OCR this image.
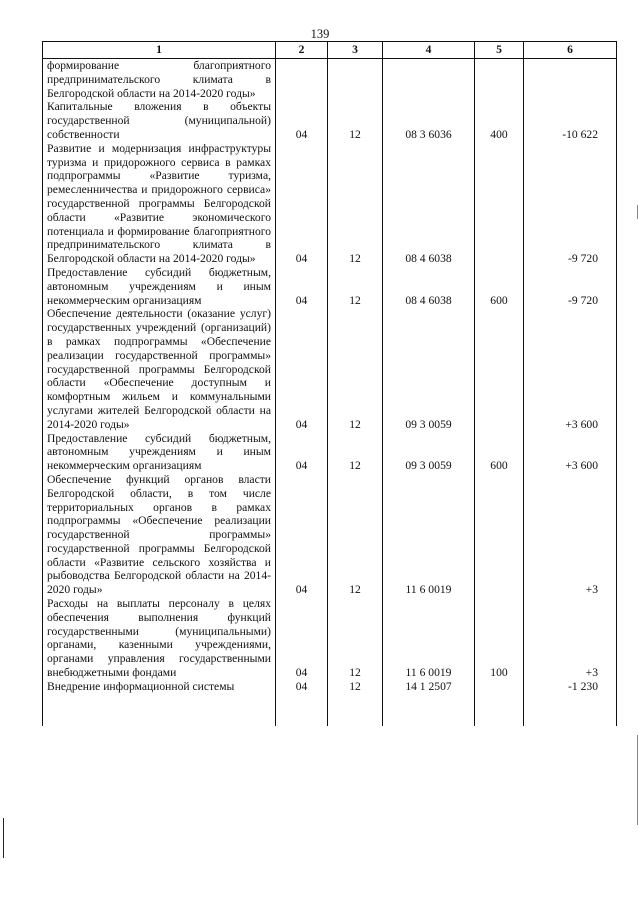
139
1	2	3	4	5	6
формирование благоприятного предпринимательского климата в Белгородской области на 2014-2020 годы»					
Капитальные вложения в объекты государственной (муниципальной) собственности	04	12	08 3 6036	400	-10 622
Развитие и модернизация инфраструктуры туризма и придорожного сервиса в рамках подпрограммы «Развитие туризма, ремесленничества и придорожного сервиса» государственной программы Белгородской области «Развитие экономического потенциала и формирование благоприятного предпринимательского климата в Белгородской области на 2014-2020 годы»	04	12	08 4 6038		-9 720
Предоставление субсидий бюджетным, автономным учреждениям и иным некоммерческим организациям	04	12	08 4 6038	600	-9 720
Обеспечение деятельности (оказание услуг) государственных учреждений (организаций) в рамках подпрограммы «Обеспечение реализации государственной программы» государственной программы Белгородской области «Обеспечение доступным и комфортным жильем и коммунальными услугами жителей Белгородской области на 2014-2020 годы»	04	12	09 3 0059		+3 600
Предоставление субсидий бюджетным, автономным учреждениям и иным некоммерческим организациям	04	12	09 3 0059	600	+3 600
Обеспечение функций органов власти Белгородской области, в том числе территориальных органов в рамках подпрограммы «Обеспечение реализации государственной программы» государственной программы Белгородской области «Развитие сельского хозяйства и рыбоводства Белгородской области на 2014-2020 годы»	04	12	11 6 0019		+3
Расходы на выплаты персоналу в целях обеспечения выполнения функций государственными (муниципальными) органами, казенными учреждениями, органами управления государственными внебюджетными фондами	04	12	11 6 0019	100	+3
Внедрение информационной системы	04	12	14 1 2507		-1 230
